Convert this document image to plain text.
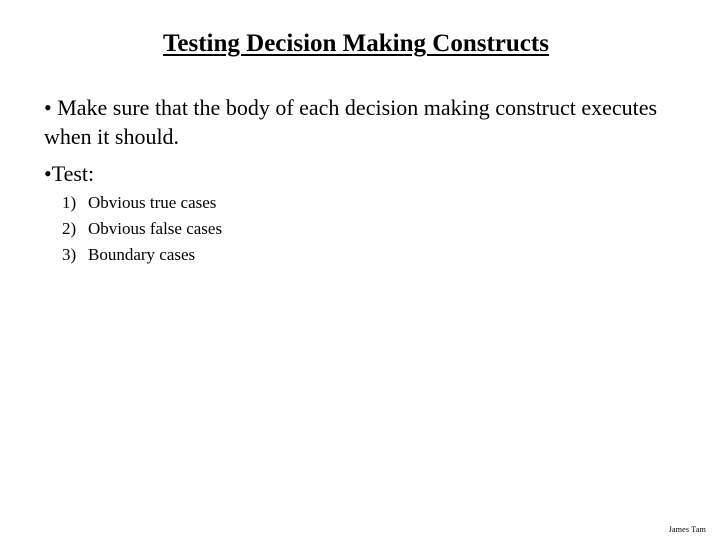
Testing Decision Making Constructs
• Make sure that the body of each decision making construct executes when it should.
•Test:
1) Obvious true cases
2) Obvious false cases
3) Boundary cases
James Tam
